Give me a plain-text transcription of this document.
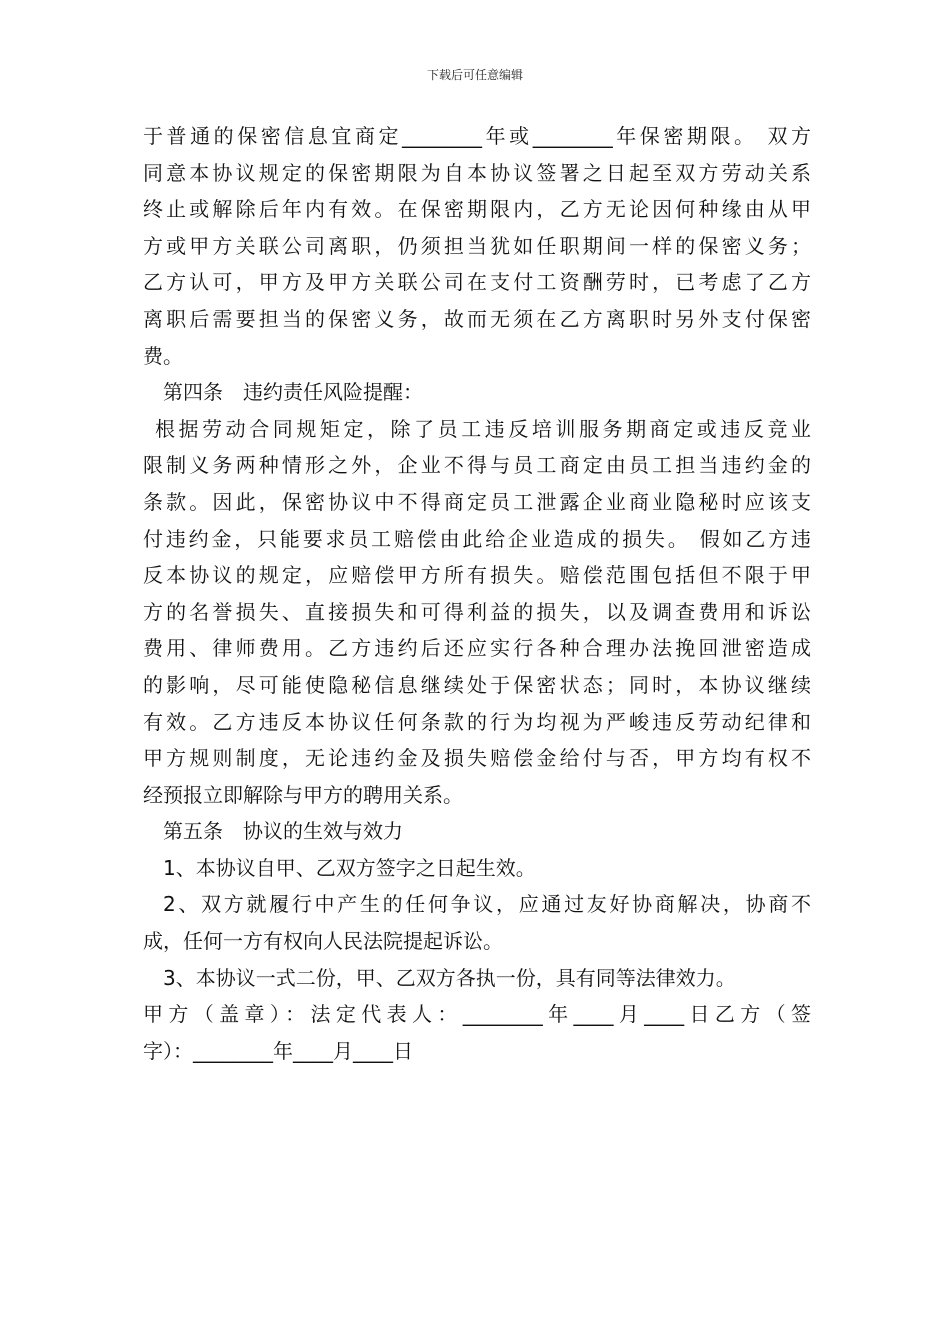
下载后可任意编辑
于普通的保密信息宜商定________年或________年保密期限。 双方
同意本协议规定的保密期限为自本协议签署之日起至双方劳动关系
终止或解除后年内有效。在保密期限内，乙方无论因何种缘由从甲
方或甲方关联公司离职，仍须担当犹如任职期间一样的保密义务；
乙方认可，甲方及甲方关联公司在支付工资酬劳时，已考虑了乙方
离职后需要担当的保密义务，故而无须在乙方离职时另外支付保密
费。
第四条　违约责任风险提醒：
根据劳动合同规矩定，除了员工违反培训服务期商定或违反竞业
限制义务两种情形之外，企业不得与员工商定由员工担当违约金的
条款。因此，保密协议中不得商定员工泄露企业商业隐秘时应该支
付违约金，只能要求员工赔偿由此给企业造成的损失。 假如乙方违
反本协议的规定，应赔偿甲方所有损失。赔偿范围包括但不限于甲
方的名誉损失、直接损失和可得利益的损失，以及调查费用和诉讼
费用、律师费用。乙方违约后还应实行各种合理办法挽回泄密造成
的影响，尽可能使隐秘信息继续处于保密状态；同时，本协议继续
有效。乙方违反本协议任何条款的行为均视为严峻违反劳动纪律和
甲方规则制度，无论违约金及损失赔偿金给付与否，甲方均有权不
经预报立即解除与甲方的聘用关系。
第五条　协议的生效与效力
1、本协议自甲、乙双方签字之日起生效。
2、双方就履行中产生的任何争议，应通过友好协商解决，协商不
成，任何一方有权向人民法院提起诉讼。
3、本协议一式二份，甲、乙双方各执一份，具有同等法律效力。
甲方（盖章）：法定代表人：________年____月____日乙方（签
字）：________年____月____日
